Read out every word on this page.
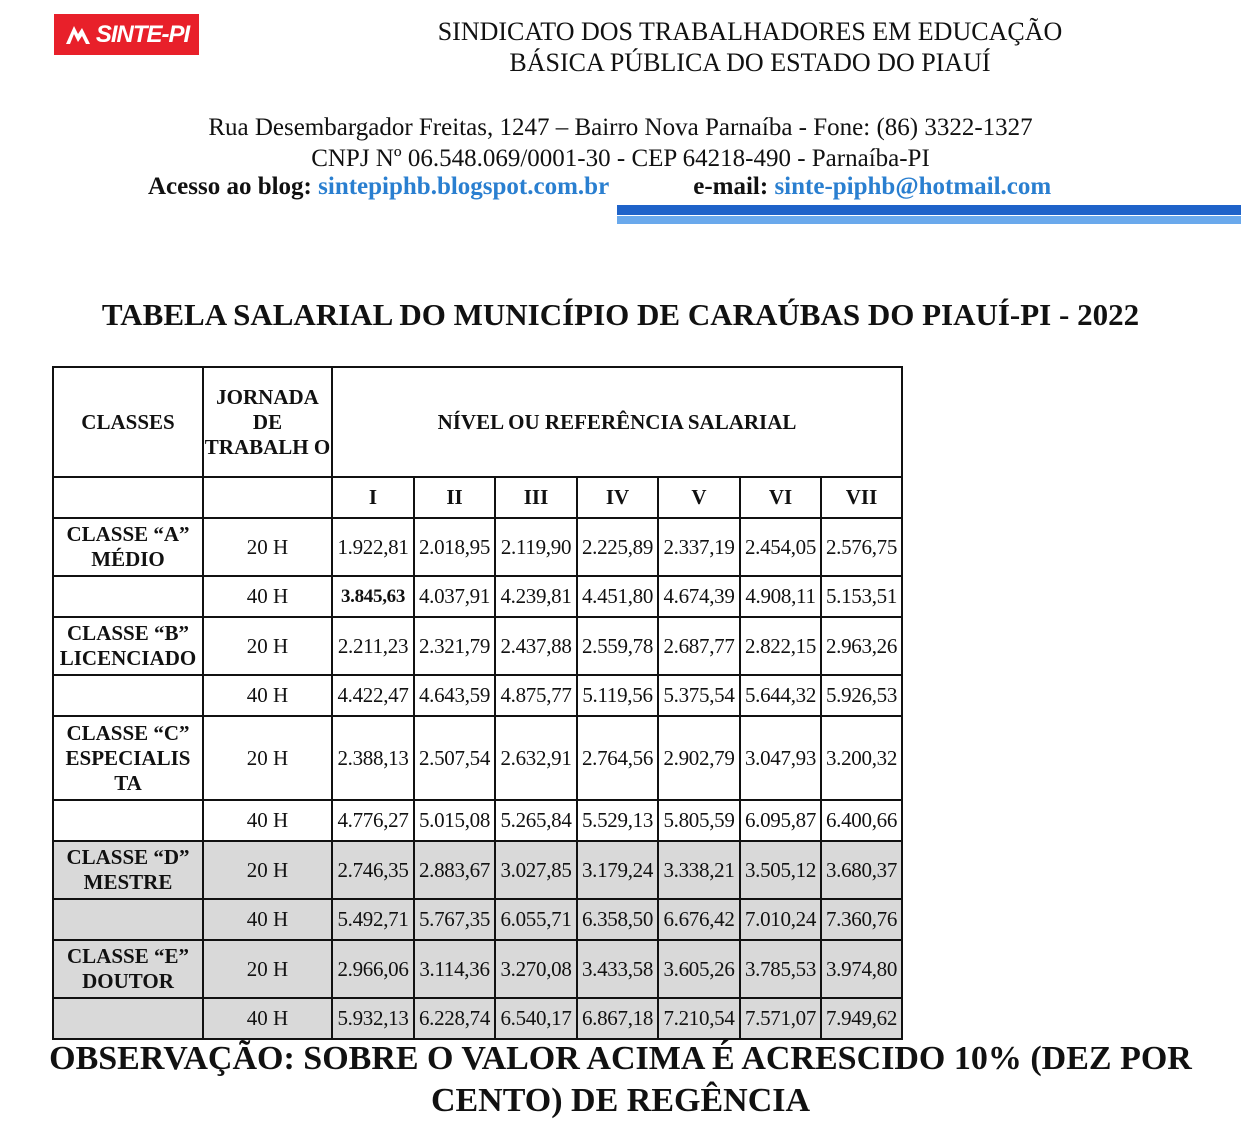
SINTE-PI	SINDICATO DOS TRABALHADORES EM EDUCAÇÃO
BÁSICA PÚBLICA DO ESTADO DO PIAUÍ
Rua Desembargador Freitas, 1247 – Bairro Nova Parnaíba - Fone: (86) 3322-1327
CNPJ Nº 06.548.069/0001-30 - CEP 64218-490 - Parnaíba-PI
Acesso ao blog: sintepiphb.blogspot.com.br	e-mail: sinte-piphb@hotmail.com
TABELA SALARIAL DO MUNICÍPIO DE CARAÚBAS DO PIAUÍ-PI - 2022
CLASSES	JORNADA DE TRABALH O	NÍVEL OU REFERÊNCIA SALARIAL						
		I	II	III	IV	V	VI	VII
CLASSE “A” MÉDIO	20 H	1.922,81	2.018,95	2.119,90	2.225,89	2.337,19	2.454,05	2.576,75
	40 H	3.845,63	4.037,91	4.239,81	4.451,80	4.674,39	4.908,11	5.153,51
CLASSE “B” LICENCIADO	20 H	2.211,23	2.321,79	2.437,88	2.559,78	2.687,77	2.822,15	2.963,26
	40 H	4.422,47	4.643,59	4.875,77	5.119,56	5.375,54	5.644,32	5.926,53
CLASSE “C” ESPECIALIS TA	20 H	2.388,13	2.507,54	2.632,91	2.764,56	2.902,79	3.047,93	3.200,32
	40 H	4.776,27	5.015,08	5.265,84	5.529,13	5.805,59	6.095,87	6.400,66
CLASSE “D” MESTRE	20 H	2.746,35	2.883,67	3.027,85	3.179,24	3.338,21	3.505,12	3.680,37
	40 H	5.492,71	5.767,35	6.055,71	6.358,50	6.676,42	7.010,24	7.360,76
CLASSE “E” DOUTOR	20 H	2.966,06	3.114,36	3.270,08	3.433,58	3.605,26	3.785,53	3.974,80
	40 H	5.932,13	6.228,74	6.540,17	6.867,18	7.210,54	7.571,07	7.949,62
OBSERVAÇÃO: SOBRE O VALOR ACIMA É ACRESCIDO 10% (DEZ POR CENTO) DE REGÊNCIA
